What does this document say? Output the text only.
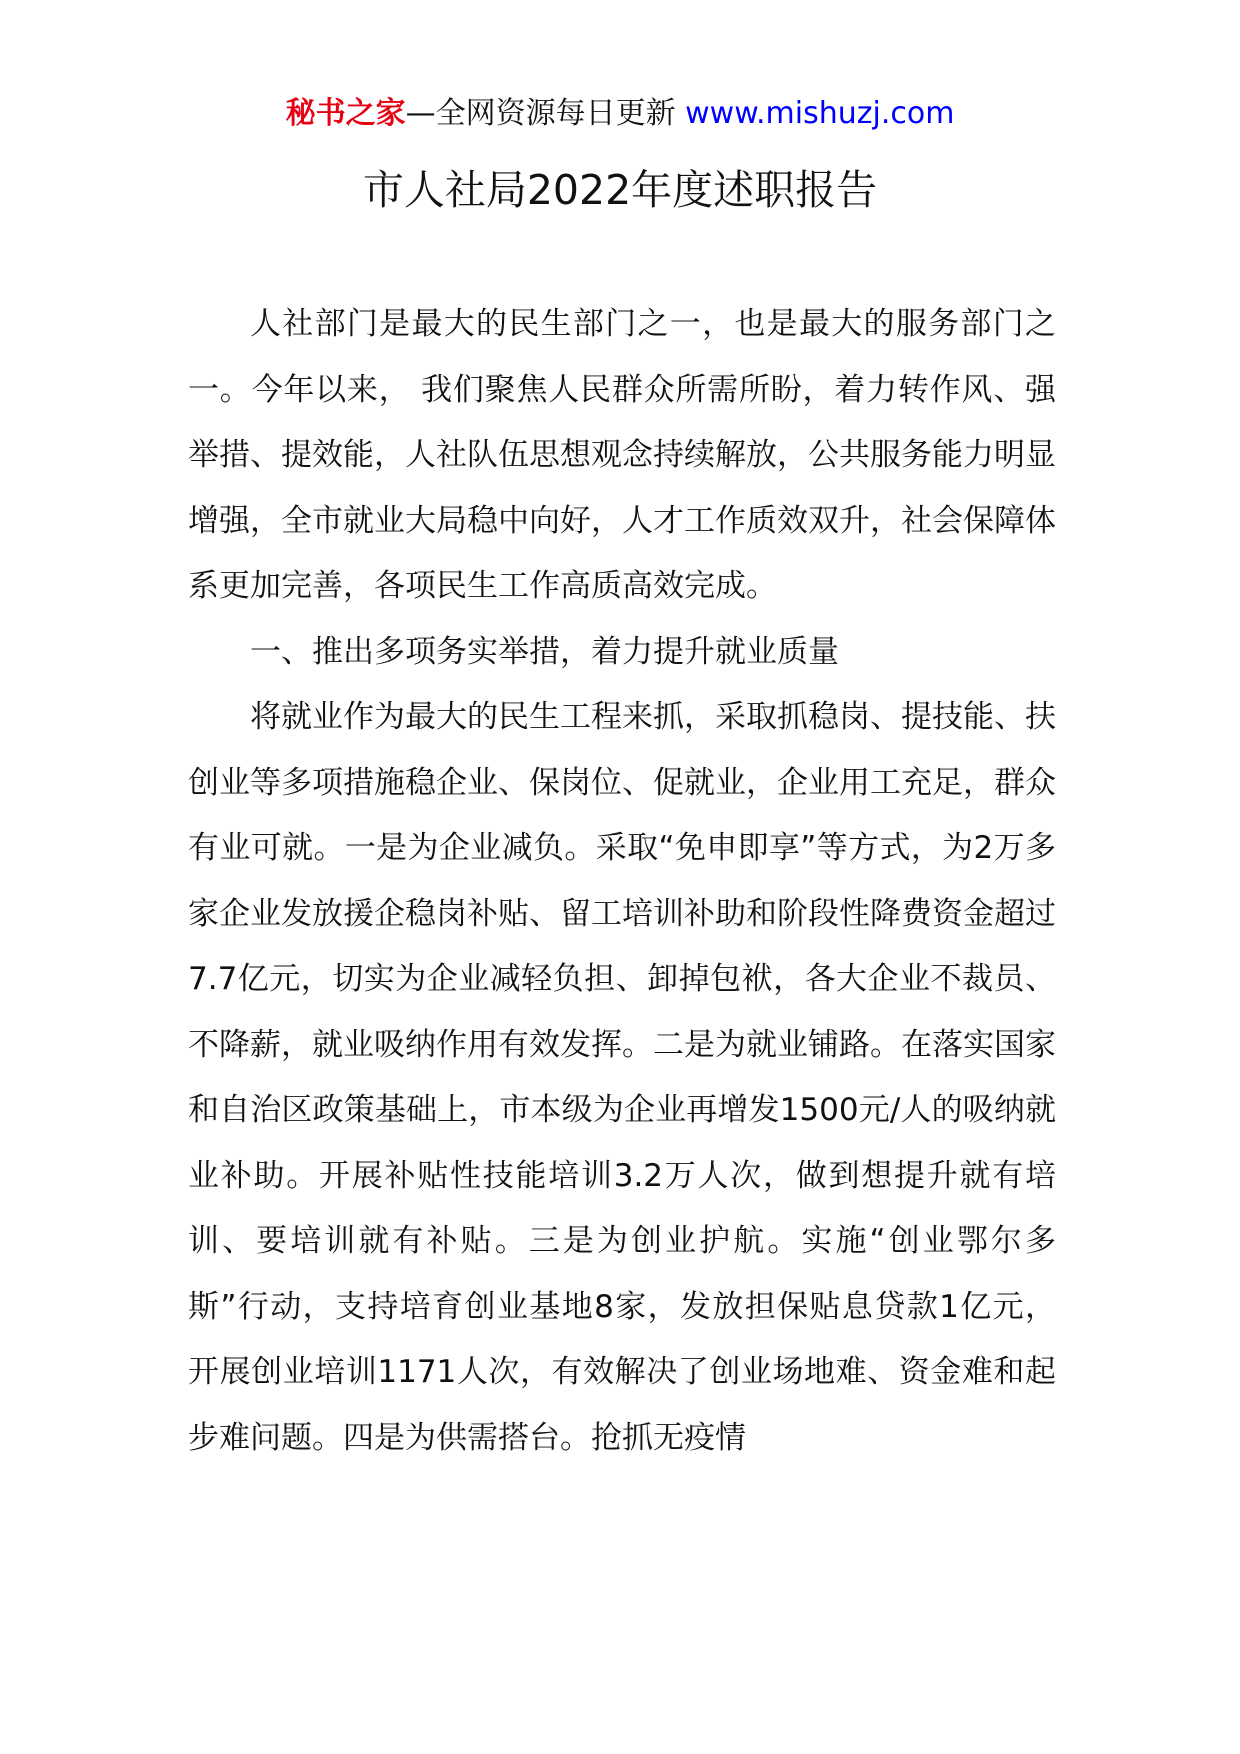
秘书之家—全网资源每日更新 www.mishuzj.com
市人社局2022年度述职报告

人社部门是最大的民生部门之一，也是最大的服务部门之一。今年以来， 我们聚焦人民群众所需所盼，着力转作风、强举措、提效能，人社队伍思想观念持续解放，公共服务能力明显增强，全市就业大局稳中向好，人才工作质效双升，社会保障体系更加完善，各项民生工作高质高效完成。

一、推出多项务实举措，着力提升就业质量

将就业作为最大的民生工程来抓，采取抓稳岗、提技能、扶创业等多项措施稳企业、保岗位、促就业，企业用工充足，群众有业可就。一是为企业减负。采取“免申即享”等方式，为2万多家企业发放援企稳岗补贴、留工培训补助和阶段性降费资金超过7.7亿元，切实为企业减轻负担、卸掉包袱，各大企业不裁员、不降薪，就业吸纳作用有效发挥。二是为就业铺路。在落实国家和自治区政策基础上，市本级为企业再增发1500元/人的吸纳就业补助。开展补贴性技能培训3.2万人次，做到想提升就有培训、要培训就有补贴。三是为创业护航。实施“创业鄂尔多斯”行动，支持培育创业基地8家，发放担保贴息贷款1亿元， 开展创业培训1171人次，有效解决了创业场地难、资金难和起步难问题。四是为供需搭台。抢抓无疫情
